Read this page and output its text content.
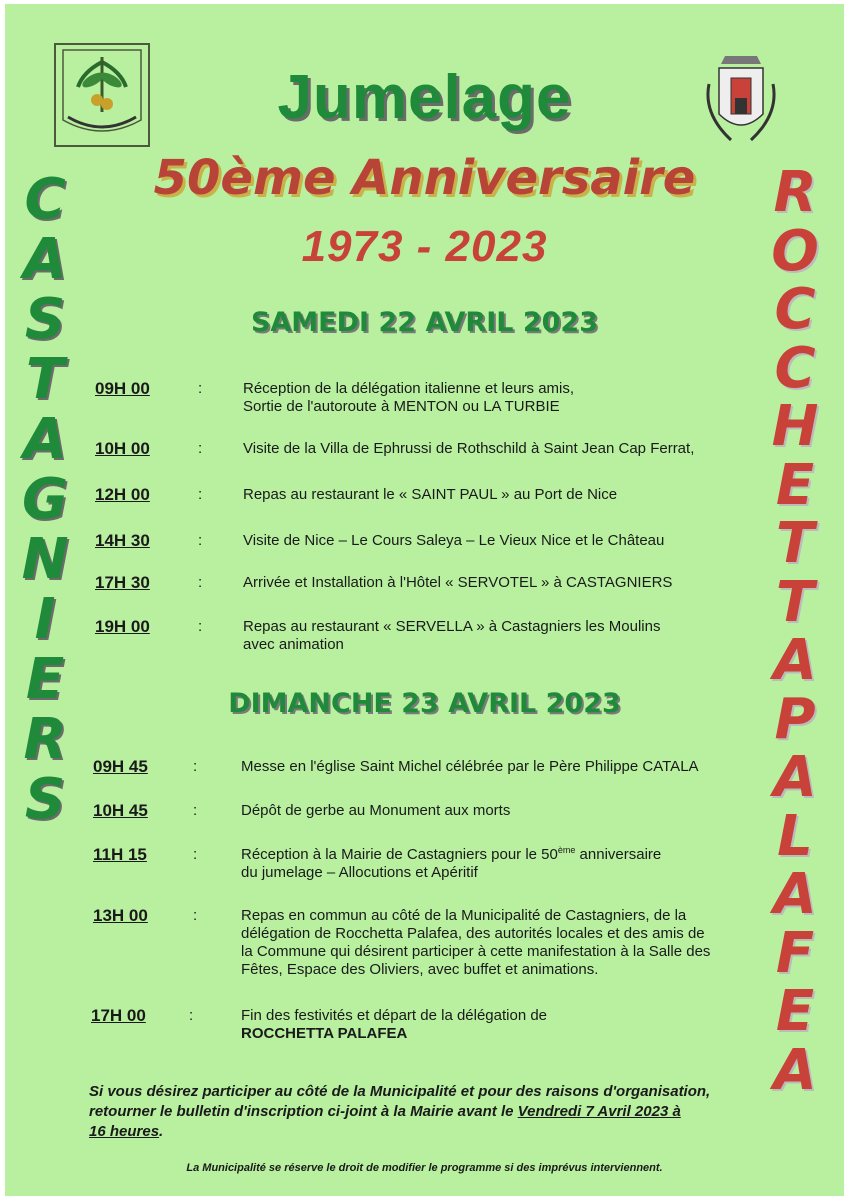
Jumelage
50ème Anniversaire
1973 - 2023
C
A
S
T
A
G
N
I
E
R
S
R
O
C
C
H
E
T
T
A
P
A
L
A
F
E
A
SAMEDI 22 AVRIL 2023
09H 00	:	Réception de la délégation italienne et leurs amis,
Sortie de l'autoroute à MENTON ou LA TURBIE
10H 00	:	Visite de la Villa de Ephrussi de Rothschild à Saint Jean Cap Ferrat,
12H 00	:	Repas au restaurant le « SAINT PAUL » au Port de Nice
14H 30	:	Visite de Nice – Le Cours Saleya – Le Vieux Nice et le Château
17H 30	:	Arrivée et Installation à l'Hôtel « SERVOTEL » à CASTAGNIERS
19H 00	:	Repas au restaurant « SERVELLA » à Castagniers les Moulins
avec animation
DIMANCHE 23 AVRIL 2023
09H 45	:	Messe en l'église Saint Michel célébrée par le Père Philippe CATALA
10H 45	:	Dépôt de gerbe au Monument aux morts
11H 15	:	Réception à la Mairie de Castagniers pour le 50ème anniversaire
du jumelage – Allocutions et Apéritif
13H 00	:	Repas en commun au côté de la Municipalité de Castagniers, de la
délégation de Rocchetta Palafea, des autorités locales et des amis de
la Commune qui désirent participer à cette manifestation à la Salle des
Fêtes, Espace des Oliviers, avec buffet et animations.
17H 00	:	Fin des festivités et départ de la délégation de
ROCCHETTA PALAFEA
Si vous désirez participer au côté de la Municipalité et pour des raisons d'organisation,
retourner le bulletin d'inscription ci-joint à la Mairie avant le Vendredi 7 Avril 2023 à
16 heures.
La Municipalité se réserve le droit de modifier le programme si des imprévus interviennent.
